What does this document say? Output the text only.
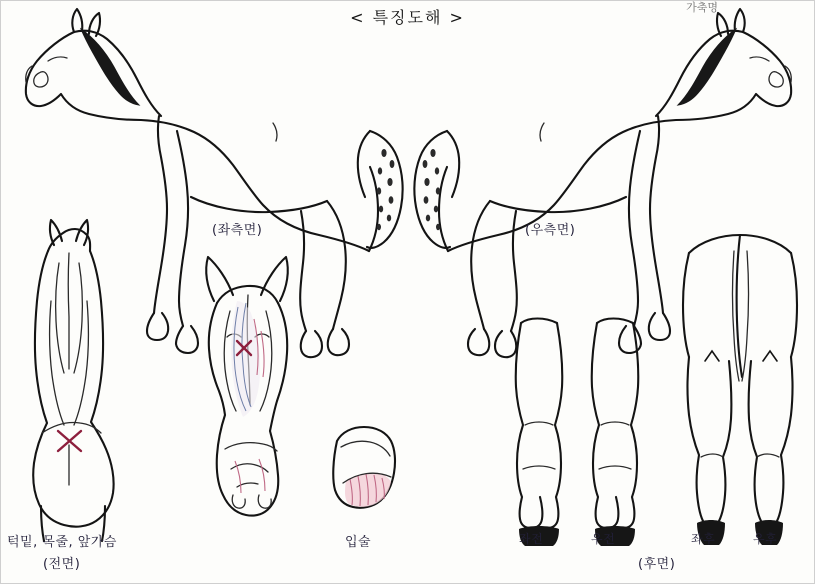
< 특징도해 >
가축명
(좌측면)	(우측면)
턱밑, 목줄, 앞가슴
(전면)
입술	좌전	우전	좌후	우후
(후면)
